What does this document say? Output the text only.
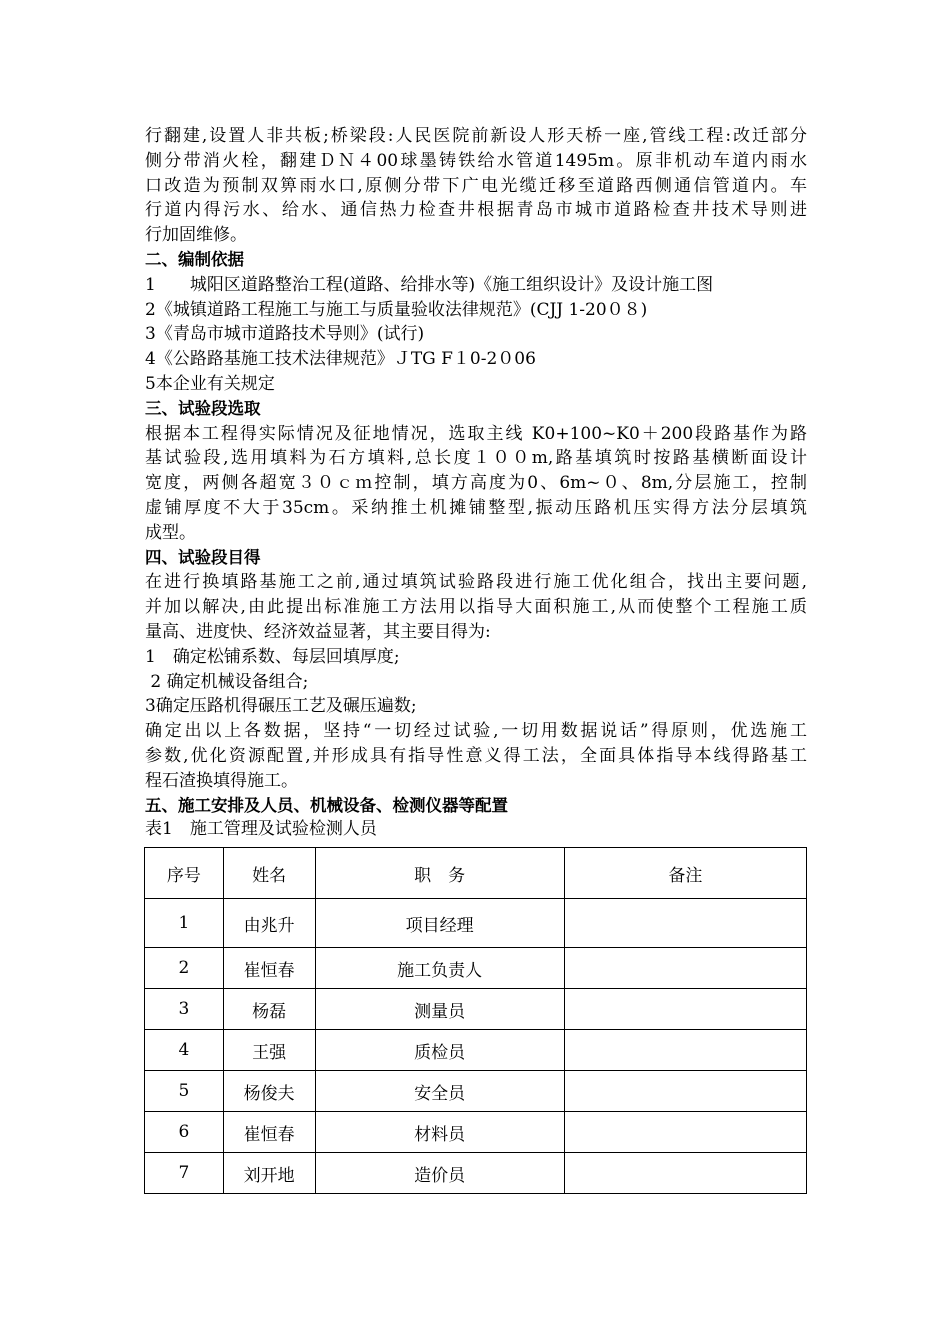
行翻建,设置人非共板;桥梁段:人民医院前新设人形天桥一座,管线工程:改迁部分
侧分带消火栓，翻建ＤＮ４00球墨铸铁给水管道1495m。原非机动车道内雨水
口改造为预制双箅雨水口,原侧分带下广电光缆迁移至道路西侧通信管道内。车
行道内得污水、给水、通信热力检查井根据青岛市城市道路检查井技术导则进
行加固维修。
二、编制依据
1　　城阳区道路整治工程(道路、给排水等)《施工组织设计》及设计施工图
2《城镇道路工程施工与施工与质量验收法律规范》(CJJ 1-20０８)
3《青岛市城市道路技术导则》(试行)
4《公路路基施工技术法律规范》ＪTG F１0-2０06
5本企业有关规定
三、试验段选取
根据本工程得实际情况及征地情况，选取主线 K0+100~K0＋200段路基作为路
基试验段,选用填料为石方填料,总长度１００m,路基填筑时按路基横断面设计
宽度，两侧各超宽３０ｃｍ控制，填方高度为0、6m~０、8m,分层施工，控制
虚铺厚度不大于35cm。采纳推土机摊铺整型,振动压路机压实得方法分层填筑
成型。
四、试验段目得
在进行换填路基施工之前,通过填筑试验路段进行施工优化组合，找出主要问题,
并加以解决,由此提出标准施工方法用以指导大面积施工,从而使整个工程施工质
量高、进度快、经济效益显著，其主要目得为:
1　确定松铺系数、每层回填厚度;
2 确定机械设备组合;
3确定压路机得碾压工艺及碾压遍数;
确定出以上各数据，坚持“一切经过试验,一切用数据说话”得原则，优选施工
参数,优化资源配置,并形成具有指导性意义得工法，全面具体指导本线得路基工
程石渣换填得施工。
五、施工安排及人员、机械设备、检测仪器等配置
表1　施工管理及试验检测人员
序号	姓名	职　务	备注
1	由兆升	项目经理	
2	崔恒春	施工负责人	
3	杨磊	测量员	
4	王强	质检员	
5	杨俊夫	安全员	
6	崔恒春	材料员	
7	刘开地	造价员	
